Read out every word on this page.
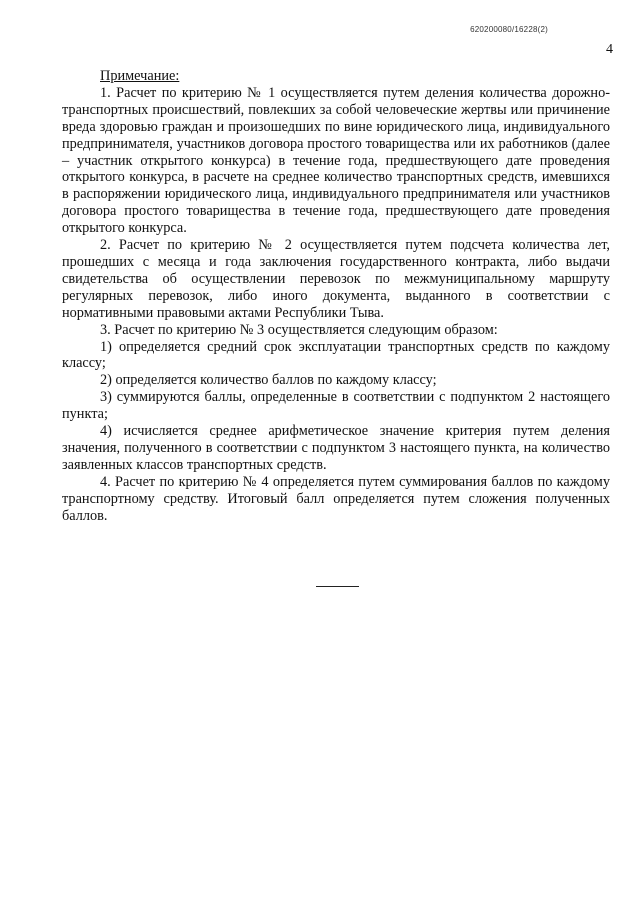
620200080/16228(2)
4

Примечание:

1. Расчет по критерию № 1 осуществляется путем деления количества дорожно-транспортных происшествий, повлекших за собой человеческие жертвы или причинение вреда здоровью граждан и произошедших по вине юридического лица, индивидуального предпринимателя, участников договора простого товарищества или их работников (далее – участник открытого конкурса) в течение года, предшествующего дате проведения открытого конкурса, в расчете на среднее количество транспортных средств, имевшихся в распоряжении юридического лица, индивидуального предпринимателя или участников договора простого товарищества в течение года, предшествующего дате проведения открытого конкурса.

2. Расчет по критерию № 2 осуществляется путем подсчета количества лет, прошедших с месяца и года заключения государственного контракта, либо выдачи свидетельства об осуществлении перевозок по межмуниципальному маршруту регулярных перевозок, либо иного документа, выданного в соответствии с нормативными правовыми актами Республики Тыва.

3. Расчет по критерию № 3 осуществляется следующим образом:

1) определяется средний срок эксплуатации транспортных средств по каждому классу;

2) определяется количество баллов по каждому классу;

3) суммируются баллы, определенные в соответствии с подпунктом 2 настоящего пункта;

4) исчисляется среднее арифметическое значение критерия путем деления значения, полученного в соответствии с подпунктом 3 настоящего пункта, на количество заявленных классов транспортных средств.

4. Расчет по критерию № 4 определяется путем суммирования баллов по каждому транспортному средству. Итоговый балл определяется путем сложения полученных баллов.
